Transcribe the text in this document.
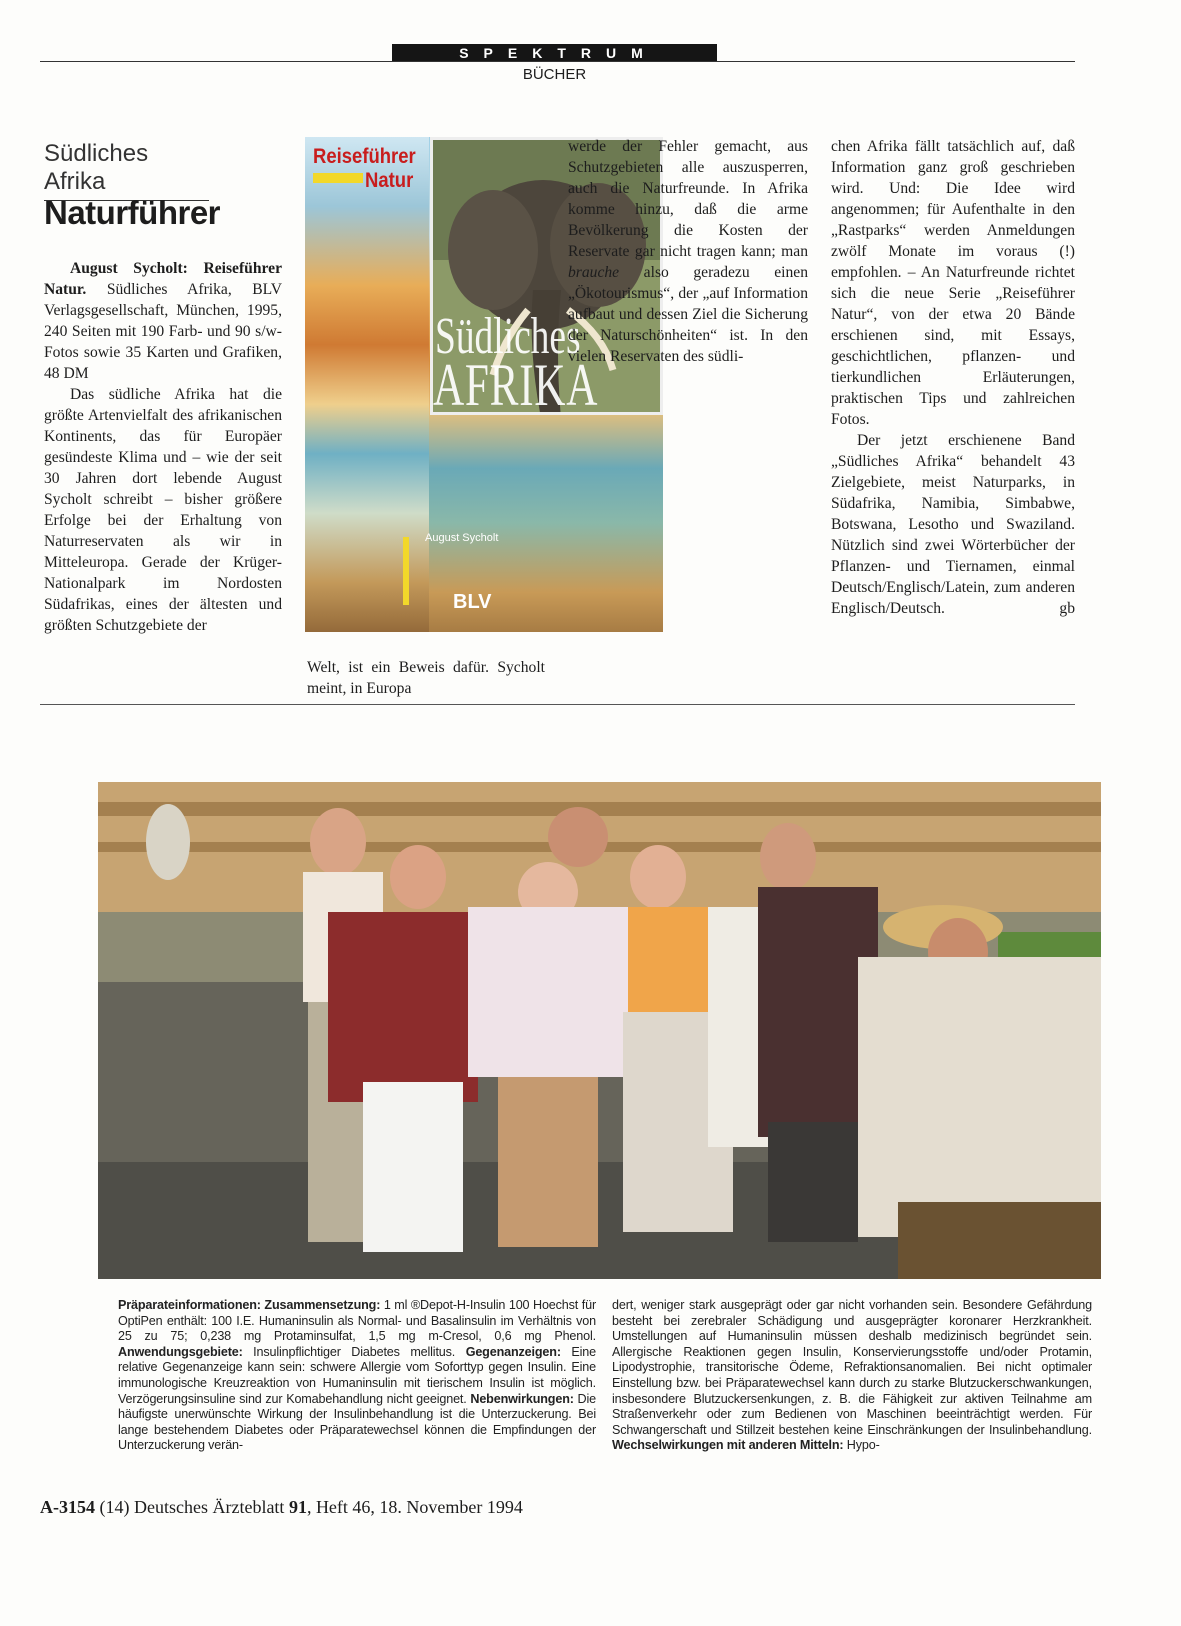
SPEKTRUM
BÜCHER
Südliches Afrika
Naturführer

August Sycholt: Reiseführer Natur. Südliches Afrika, BLV Verlagsgesellschaft, München, 1995, 240 Seiten mit 190 Farb- und 90 s/w-Fotos sowie 35 Karten und Grafiken, 48 DM

Das südliche Afrika hat die größte Artenvielfalt des afrikanischen Kontinents, das für Europäer gesündeste Klima und – wie der seit 30 Jahren dort lebende August Sycholt schreibt – bisher größere Erfolge bei der Erhaltung von Naturreservaten als wir in Mitteleuropa. Gerade der Krüger-Nationalpark im Nordosten Südafrikas, eines der ältesten und größten Schutzgebiete der

Reiseführer
Natur
Südliches
AFRIKA
August Sycholt
BLV

Welt, ist ein Beweis dafür. Sycholt meint, in Europa

werde der Fehler gemacht, aus Schutzgebieten alle auszusperren, auch die Naturfreunde. In Afrika komme hinzu, daß die arme Bevölkerung die Kosten der Reservate gar nicht tragen kann; man brauche also geradezu einen „Ökotourismus“, der „auf Information aufbaut und dessen Ziel die Sicherung der Naturschönheiten“ ist. In den vielen Reservaten des südli-

chen Afrika fällt tatsächlich auf, daß Information ganz groß geschrieben wird. Und: Die Idee wird angenommen; für Aufenthalte in den „Rastparks“ werden Anmeldungen zwölf Monate im voraus (!) empfohlen. – An Naturfreunde richtet sich die neue Serie „Reiseführer Natur“, von der etwa 20 Bände erschienen sind, mit Essays, geschichtlichen, pflanzen- und tierkundlichen Erläuterungen, praktischen Tips und zahlreichen Fotos.

Der jetzt erschienene Band „Südliches Afrika“ behandelt 43 Zielgebiete, meist Naturparks, in Südafrika, Namibia, Simbabwe, Botswana, Lesotho und Swaziland. Nützlich sind zwei Wörterbücher der Pflanzen- und Tiernamen, einmal Deutsch/Englisch/Latein, zum anderen Englisch/Deutsch.	gb

Präparateinformationen: Zusammensetzung: 1 ml ®Depot-H-Insulin 100 Hoechst für OptiPen enthält: 100 I.E. Humaninsulin als Normal- und Basalinsulin im Verhältnis von 25 zu 75; 0,238 mg Protaminsulfat, 1,5 mg m-Cresol, 0,6 mg Phenol. Anwendungsgebiete: Insulinpflichtiger Diabetes mellitus. Gegenanzeigen: Eine relative Gegenanzeige kann sein: schwere Allergie vom Soforttyp gegen Insulin. Eine immunologische Kreuzreaktion von Humaninsulin mit tierischem Insulin ist möglich. Verzögerungsinsuline sind zur Komabehandlung nicht geeignet. Nebenwirkungen: Die häufigste unerwünschte Wirkung der Insulinbehandlung ist die Unterzuckerung. Bei lange bestehendem Diabetes oder Präparatewechsel können die Empfindungen der Unterzuckerung verän-

dert, weniger stark ausgeprägt oder gar nicht vorhanden sein. Besondere Gefährdung besteht bei zerebraler Schädigung und ausgeprägter koronarer Herzkrankheit. Umstellungen auf Humaninsulin müssen deshalb medizinisch begründet sein. Allergische Reaktionen gegen Insulin, Konservierungsstoffe und/oder Protamin, Lipodystrophie, transitorische Ödeme, Refraktionsanomalien. Bei nicht optimaler Einstellung bzw. bei Präparatewechsel kann durch zu starke Blutzuckerschwankungen, insbesondere Blutzuckersenkungen, z. B. die Fähigkeit zur aktiven Teilnahme am Straßenverkehr oder zum Bedienen von Maschinen beeinträchtigt werden. Für Schwangerschaft und Stillzeit bestehen keine Einschränkungen der Insulinbehandlung. Wechselwirkungen mit anderen Mitteln: Hypo-

A-3154 (14) Deutsches Ärzteblatt 91, Heft 46, 18. November 1994
